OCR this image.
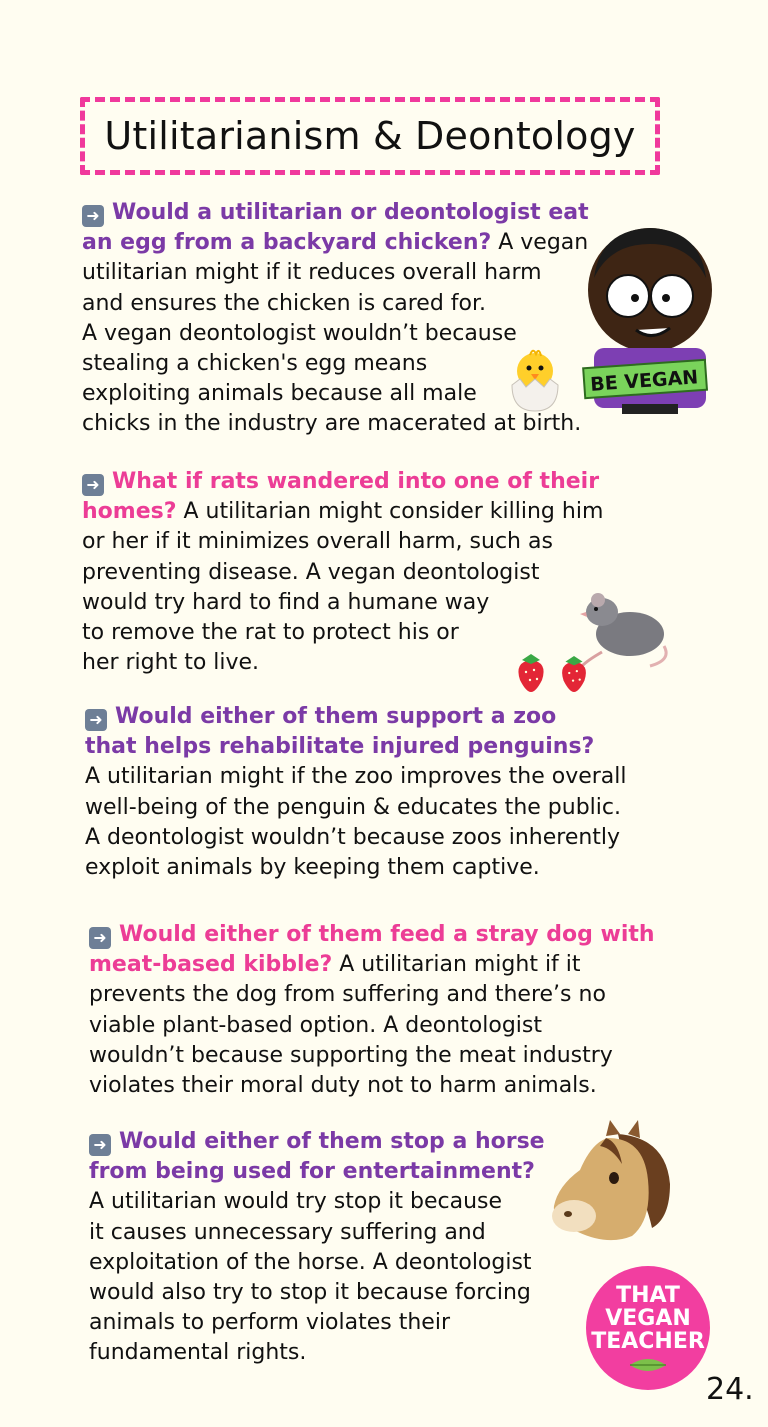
Utilitarianism & Deontology

➜ Would a utilitarian or deontologist eat

an egg from a backyard chicken? A vegan

utilitarian might if it reduces overall harm

and ensures the chicken is cared for.

A vegan deontologist wouldn’t because

stealing a chicken's egg means

exploiting animals because all male

chicks in the industry are macerated at birth.

BE VEGAN

➜ What if rats wandered into one of their

homes? A utilitarian might consider killing him

or her if it minimizes overall harm, such as

preventing disease. A vegan deontologist

would try hard to find a humane way

to remove the rat to protect his or

her right to live.

➜ Would either of them support a zoo

that helps rehabilitate injured penguins?

A utilitarian might if the zoo improves the overall

well-being of the penguin & educates the public.

A deontologist wouldn’t because zoos inherently

exploit animals by keeping them captive.

➜ Would either of them feed a stray dog with

meat-based kibble? A utilitarian might if it

prevents the dog from suffering and there’s no

viable plant-based option. A deontologist

wouldn’t because supporting the meat industry

violates their moral duty not to harm animals.

➜ Would either of them stop a horse

from being used for entertainment?

A utilitarian would try stop it because

it causes unnecessary suffering and

exploitation of the horse. A deontologist

would also try to stop it because forcing

animals to perform violates their

fundamental rights.

THAT
VEGAN
TEACHER
24.
